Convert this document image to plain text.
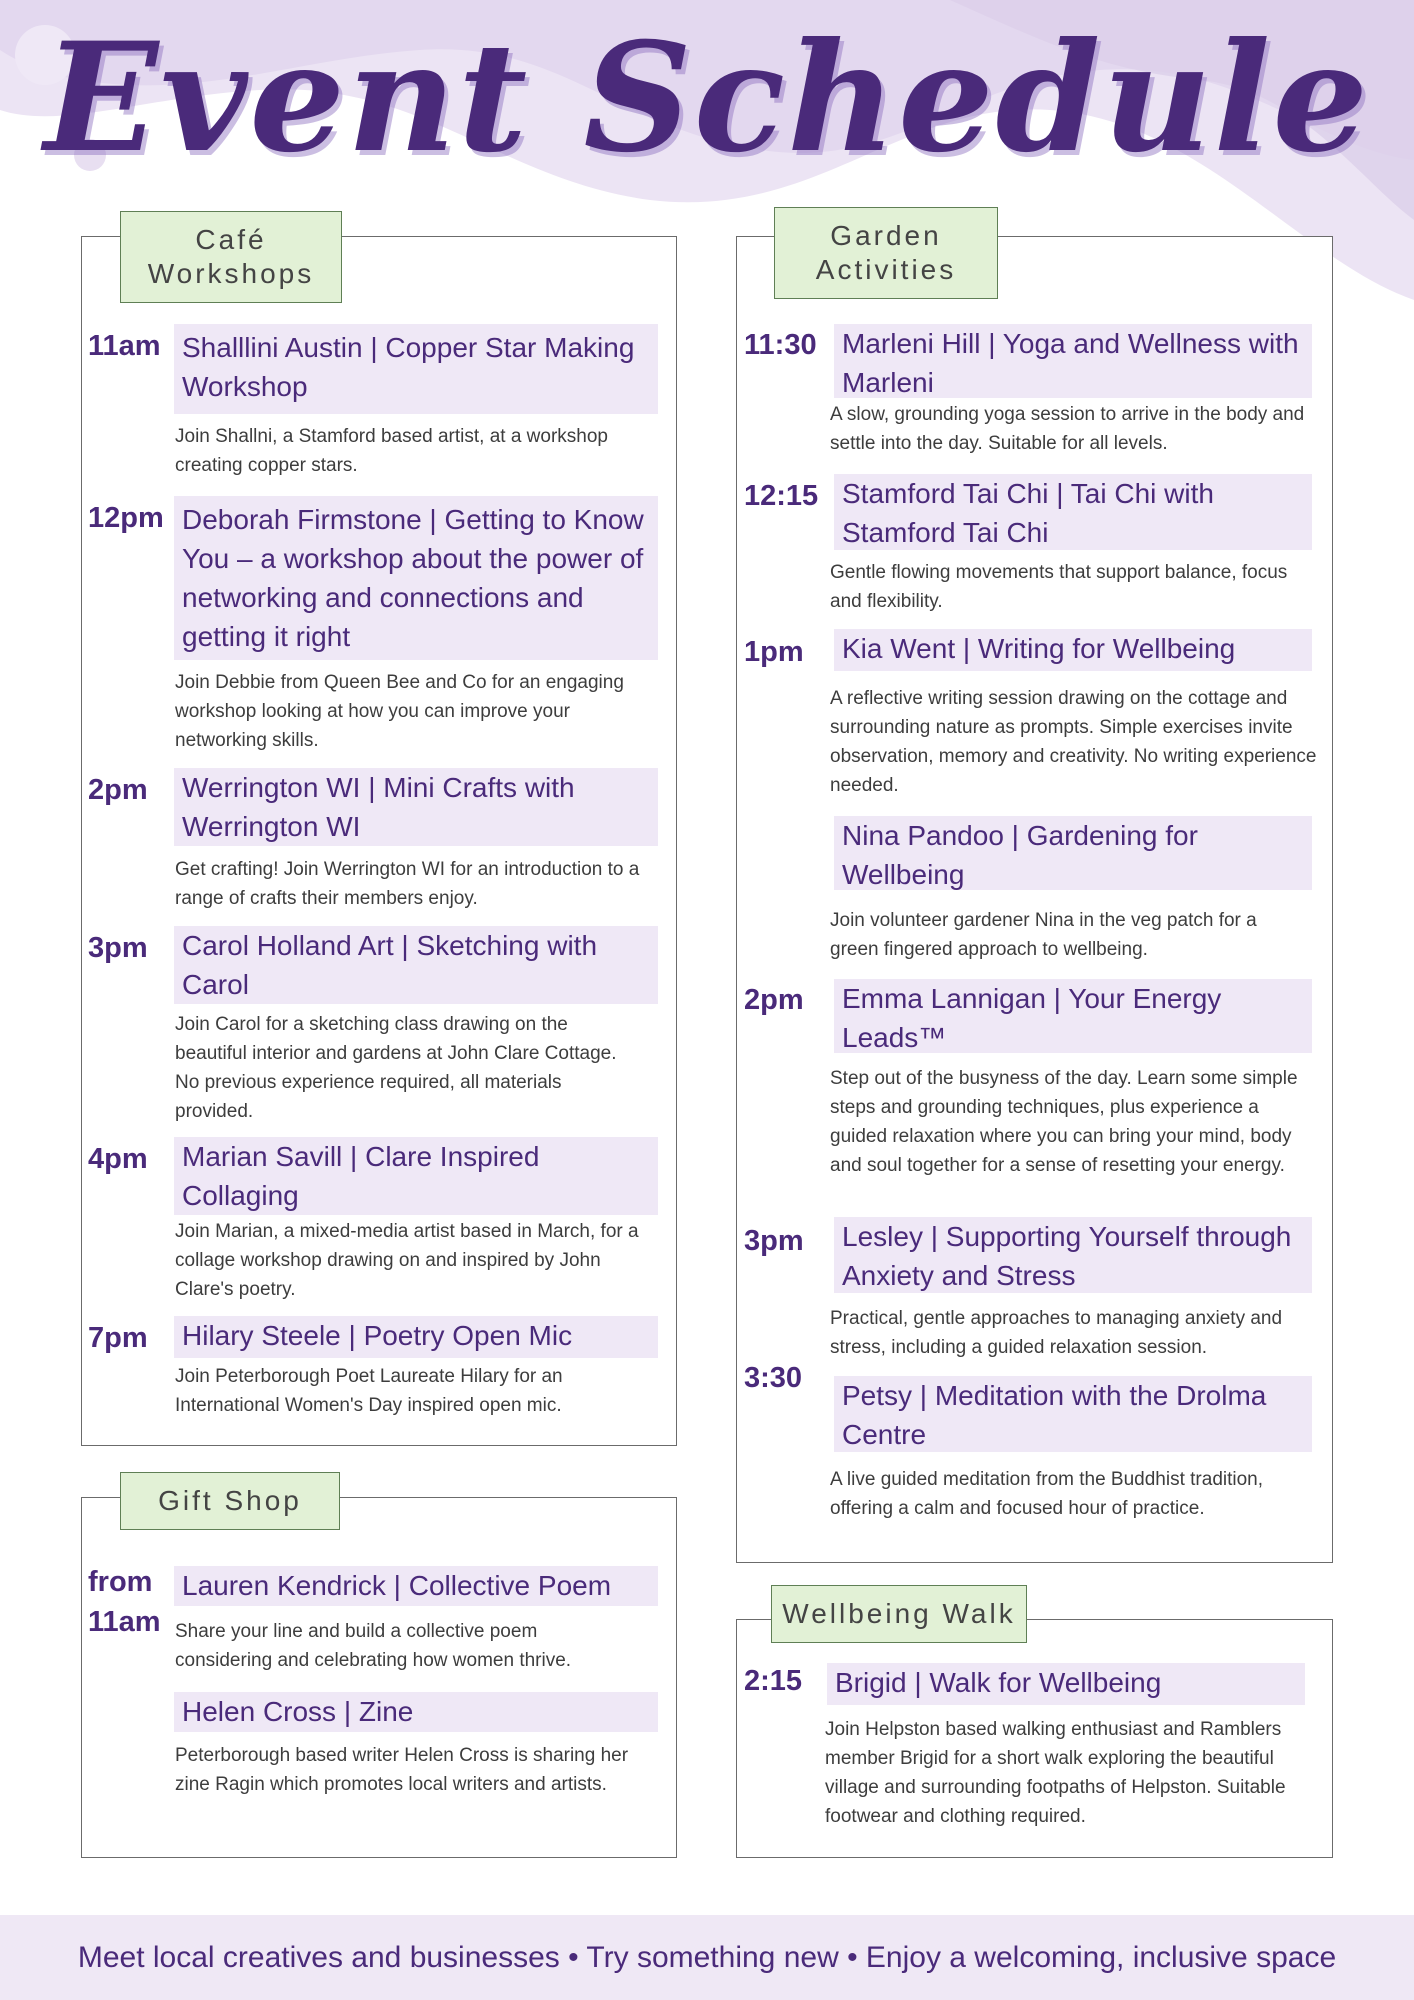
Event Schedule
Café Workshops
11am Shalllini Austin | Copper Star Making Workshop
Join Shallni, a Stamford based artist, at a workshop creating copper stars.
12pm Deborah Firmstone | Getting to Know You – a workshop about the power of networking and connections and getting it right
Join Debbie from Queen Bee and Co for an engaging workshop looking at how you can improve your networking skills.
2pm Werrington WI | Mini Crafts with Werrington WI
Get crafting! Join Werrington WI for an introduction to a range of crafts their members enjoy.
3pm Carol Holland Art | Sketching with Carol
Join Carol for a sketching class drawing on the beautiful interior and gardens at John Clare Cottage. No previous experience required, all materials provided.
4pm Marian Savill | Clare Inspired Collaging
Join Marian, a mixed-media artist based in March, for a collage workshop drawing on and inspired by John Clare's poetry.
7pm Hilary Steele | Poetry Open Mic
Join Peterborough Poet Laureate Hilary for an International Women's Day inspired open mic.
Gift Shop
from 11am
Lauren Kendrick | Collective Poem
Share your line and build a collective poem considering and celebrating how women thrive.
Helen Cross | Zine
Peterborough based writer Helen Cross is sharing her zine Ragin which promotes local writers and artists.
Garden Activities
11:30 Marleni Hill | Yoga and Wellness with Marleni
A slow, grounding yoga session to arrive in the body and settle into the day. Suitable for all levels.
12:15 Stamford Tai Chi | Tai Chi with Stamford Tai Chi
Gentle flowing movements that support balance, focus and flexibility.
1pm Kia Went | Writing for Wellbeing
A reflective writing session drawing on the cottage and surrounding nature as prompts. Simple exercises invite observation, memory and creativity. No writing experience needed.
Nina Pandoo | Gardening for Wellbeing
Join volunteer gardener Nina in the veg patch for a green fingered approach to wellbeing.
2pm Emma Lannigan | Your Energy Leads™
Step out of the busyness of the day. Learn some simple steps and grounding techniques, plus experience a guided relaxation where you can bring your mind, body and soul together for a sense of resetting your energy.
3pm Lesley | Supporting Yourself through Anxiety and Stress
Practical, gentle approaches to managing anxiety and stress, including a guided relaxation session.
3:30
Petsy | Meditation with the Drolma Centre
A live guided meditation from the Buddhist tradition, offering a calm and focused hour of practice.
Wellbeing Walk
2:15 Brigid | Walk for Wellbeing
Join Helpston based walking enthusiast and Ramblers member Brigid for a short walk exploring the beautiful village and surrounding footpaths of Helpston. Suitable footwear and clothing required.
Meet local creatives and businesses • Try something new • Enjoy a welcoming, inclusive space
